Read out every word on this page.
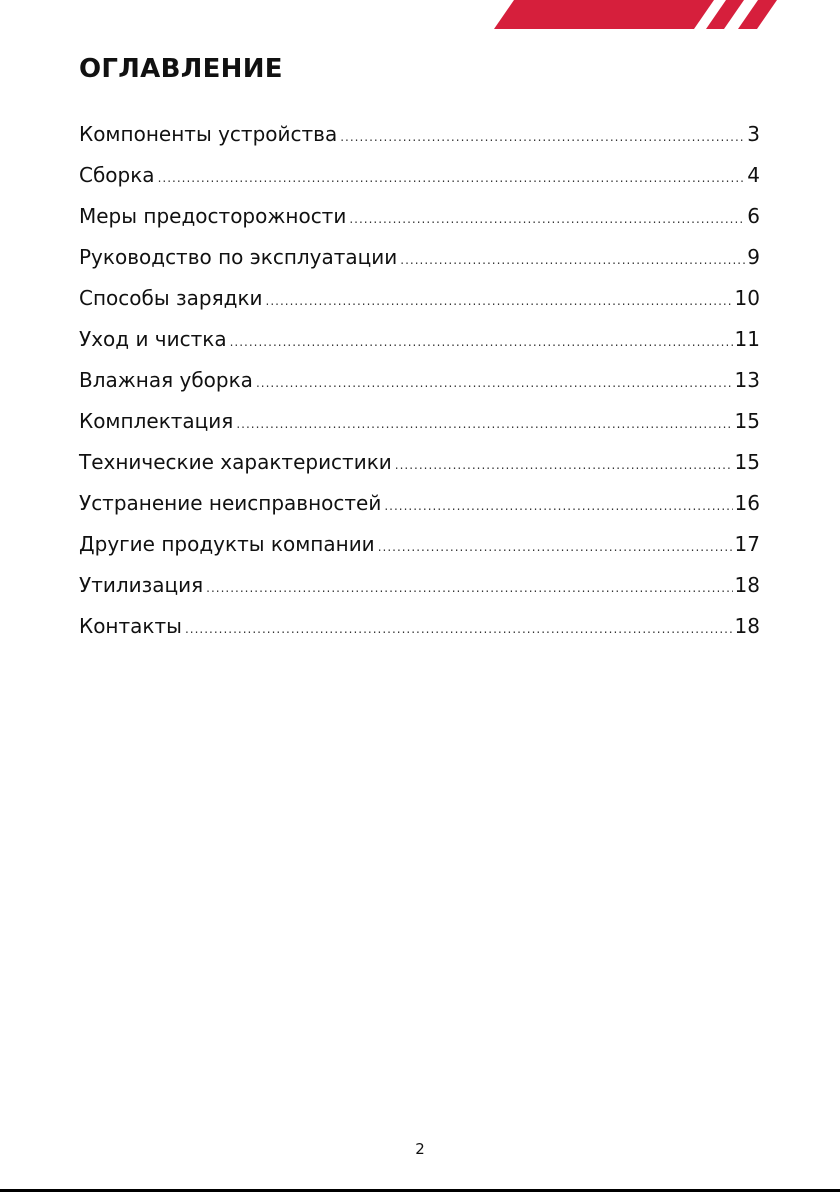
ОГЛАВЛЕНИЕ
Компоненты устройства .....	3
Сборка .....	4
Меры предосторожности .....	6
Руководство по эксплуатации .....	9
Способы зарядки .....	10
Уход и чистка .....	11
Влажная уборка .....	13
Комплектация .....	15
Технические характеристики .....	15
Устранение неисправностей .....	16
Другие продукты компании .....	17
Утилизация .....	18
Контакты .....	18
2
